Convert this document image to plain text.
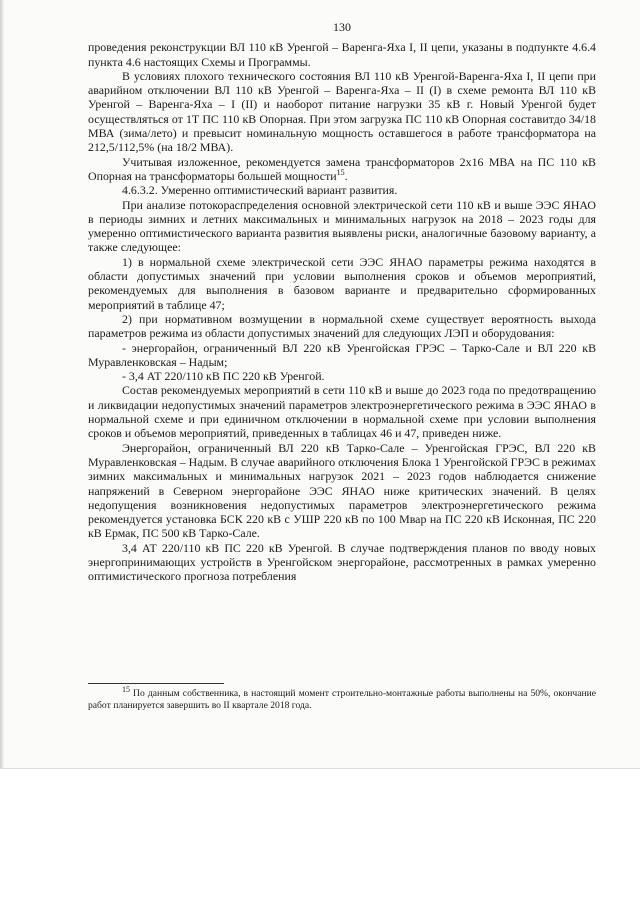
130

проведения реконструкции ВЛ 110 кВ Уренгой – Варенга-Яха I, II цепи, указаны в подпункте 4.6.4 пункта 4.6 настоящих Схемы и Программы.

В условиях плохого технического состояния ВЛ 110 кВ Уренгой-Варенга-Яха I, II цепи при аварийном отключении ВЛ 110 кВ Уренгой – Варенга-Яха – II (I) в схеме ремонта ВЛ 110 кВ Уренгой – Варенга-Яха – I (II) и наоборот питание нагрузки 35 кВ г. Новый Уренгой будет осуществляться от 1Т ПС 110 кВ Опорная. При этом загрузка ПС 110 кВ Опорная составитдо 34/18 МВА (зима/лето) и превысит номинальную мощность оставшегося в работе трансформатора на 212,5/112,5% (на 18/2 МВА).

Учитывая изложенное, рекомендуется замена трансформаторов 2х16 МВА на ПС 110 кВ Опорная на трансформаторы большей мощности$^{15}$.

4.6.3.2. Умеренно оптимистический вариант развития.

При анализе потокораспределения основной электрической сети 110 кВ и выше ЭЭС ЯНАО в периоды зимних и летних максимальных и минимальных нагрузок на 2018 – 2023 годы для умеренно оптимистического варианта развития выявлены риски, аналогичные базовому варианту, а также следующее:

1) в нормальной схеме электрической сети ЭЭС ЯНАО параметры режима находятся в области допустимых значений при условии выполнения сроков и объемов мероприятий, рекомендуемых для выполнения в базовом варианте и предварительно сформированных мероприятий в таблице 47;

2) при нормативном возмущении в нормальной схеме существует вероятность выхода параметров режима из области допустимых значений для следующих ЛЭП и оборудования:

- энергорайон, ограниченный ВЛ 220 кВ Уренгойская ГРЭС – Тарко-Сале и ВЛ 220 кВ Муравленковская – Надым;

- 3,4 АТ 220/110 кВ ПС 220 кВ Уренгой.

Состав рекомендуемых мероприятий в сети 110 кВ и выше до 2023 года по предотвращению и ликвидации недопустимых значений параметров электроэнергетического режима в ЭЭС ЯНАО в нормальной схеме и при единичном отключении в нормальной схеме при условии выполнения сроков и объемов мероприятий, приведенных в таблицах 46 и 47, приведен ниже.

Энергорайон, ограниченный ВЛ 220 кВ Тарко-Сале – Уренгойская ГРЭС, ВЛ 220 кВ Муравленковская – Надым. В случае аварийного отключения Блока 1 Уренгойской ГРЭС в режимах зимних максимальных и минимальных нагрузок 2021 – 2023 годов наблюдается снижение напряжений в Северном энергорайоне ЭЭС ЯНАО ниже критических значений. В целях недопущения возникновения недопустимых параметров электроэнергетического режима рекомендуется установка БСК 220 кВ с УШР 220 кВ по 100 Мвар на ПС 220 кВ Исконная, ПС 220 кВ Ермак, ПС 500 кВ Тарко-Сале.

3,4 АТ 220/110 кВ ПС 220 кВ Уренгой. В случае подтверждения планов по вводу новых энергопринимающих устройств в Уренгойском энергорайоне, рассмотренных в рамках умеренно оптимистического прогноза потребления

$^{15}$ По данным собственника, в настоящий момент строительно-монтажные работы выполнены на 50%, окончание работ планируется завершить во II квартале 2018 года.
